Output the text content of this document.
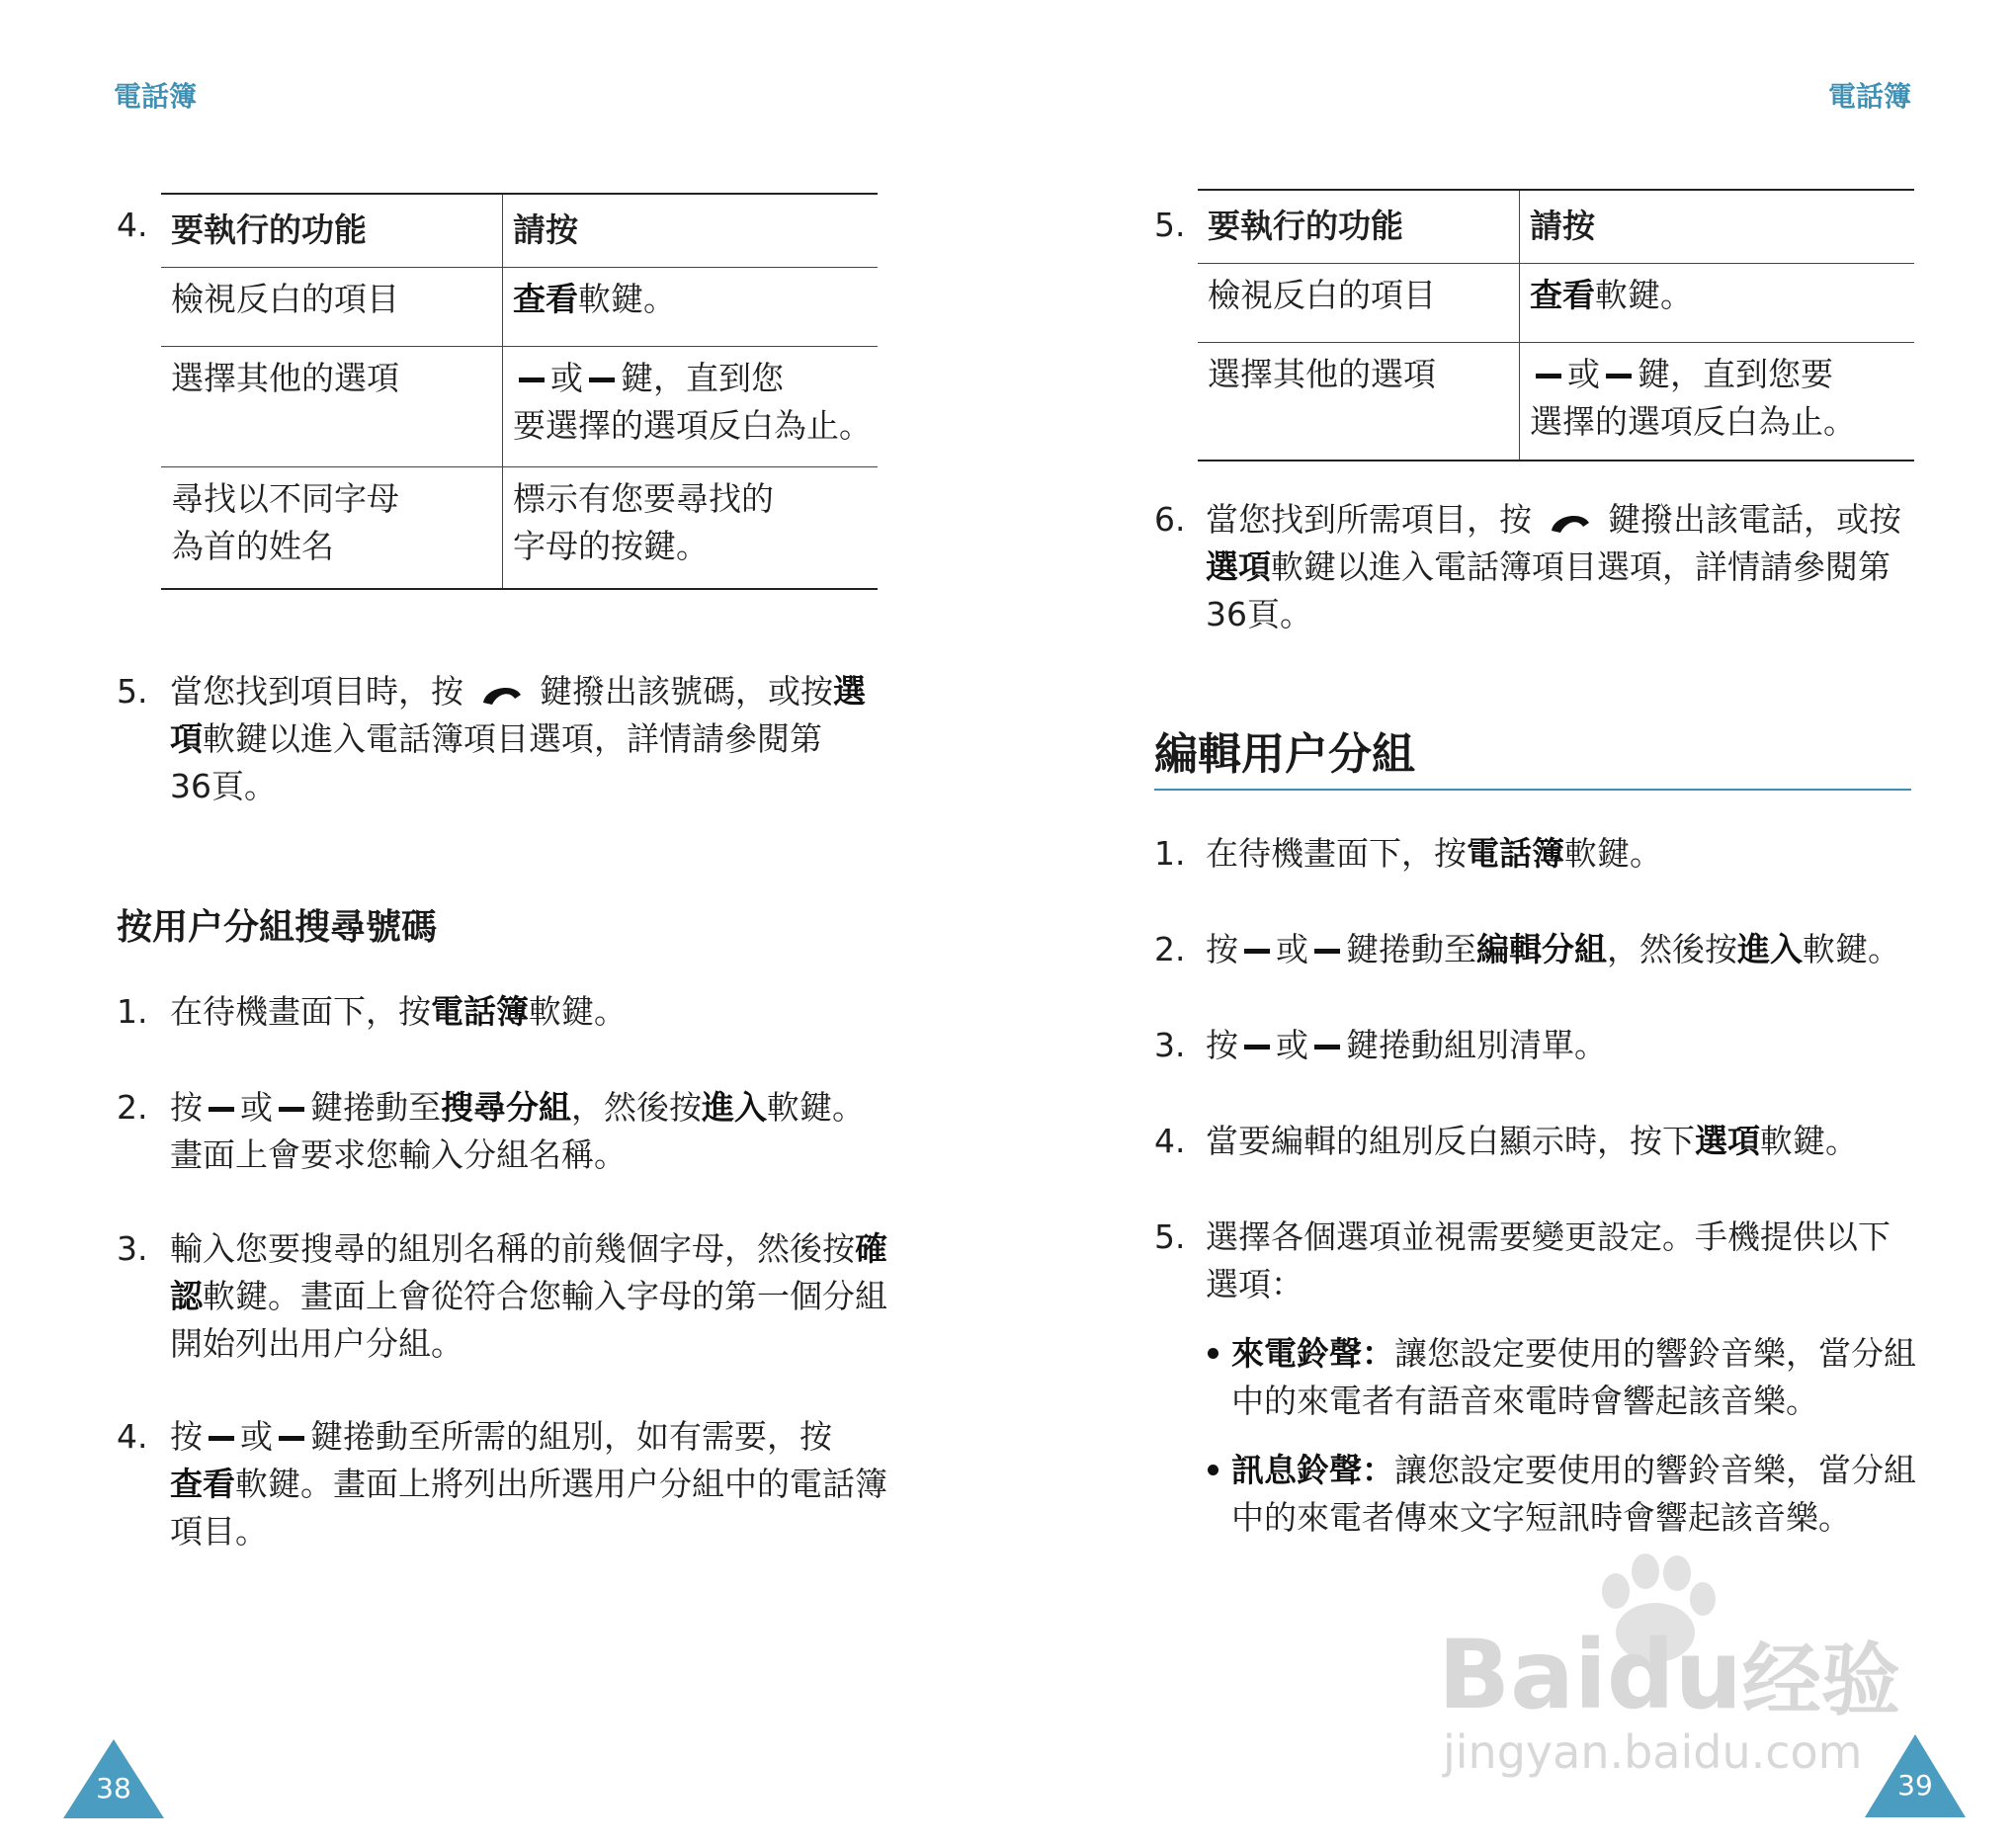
電話簿	電話簿
4. 要執行的功能	請按
檢視反白的項目	查看軟鍵。
選擇其他的選項	或 鍵，直到您
要選擇的選項反白為止。
尋找以不同字母
為首的姓名	標示有您要尋找的
字母的按鍵。
5. 當您找到項目時，按 鍵撥出該號碼，或按選
項軟鍵以進入電話簿項目選項，詳情請參閱第
36頁。
按用户分組搜尋號碼
1. 在待機畫面下，按電話簿軟鍵。
2. 按 或 鍵捲動至搜尋分組，然後按進入軟鍵。
畫面上會要求您輸入分組名稱。
3. 輸入您要搜尋的組別名稱的前幾個字母，然後按確
認軟鍵。畫面上會從符合您輸入字母的第一個分組
開始列出用户分組。
4. 按 或 鍵捲動至所需的組別，如有需要，按
查看軟鍵。畫面上將列出所選用户分組中的電話簿
項目。
38
5. 要執行的功能	請按
檢視反白的項目	查看軟鍵。
選擇其他的選項	或 鍵，直到您要
選擇的選項反白為止。
6. 當您找到所需項目，按 鍵撥出該電話，或按
選項軟鍵以進入電話簿項目選項，詳情請參閱第
36頁。
編輯用户分組
1. 在待機畫面下，按電話簿軟鍵。
2. 按 或 鍵捲動至編輯分組，然後按進入軟鍵。
3. 按 或 鍵捲動組別清單。
4. 當要編輯的組別反白顯示時，按下選項軟鍵。
5. 選擇各個選項並視需要變更設定。手機提供以下
選項：
來電鈴聲：讓您設定要使用的響鈴音樂，當分組
中的來電者有語音來電時會響起該音樂。
訊息鈴聲：讓您設定要使用的響鈴音樂，當分組
中的來電者傳來文字短訊時會響起該音樂。
Baidu经验
jingyan.baidu.com
39
